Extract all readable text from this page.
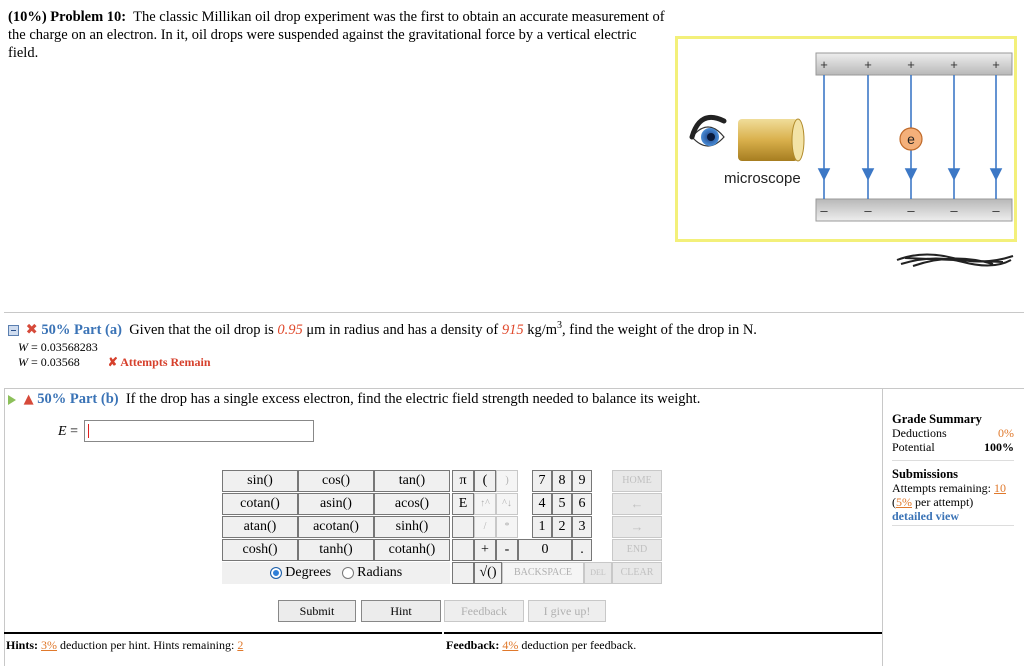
(10%) Problem 10: The classic Millikan oil drop experiment was the first to obtain an accurate measurement of the charge on an electron. In it, oil drops were suspended against the gravitational force by a vertical electric field.
+	+	+	+	+
–	–	–	–	–
e
microscope
✖ 50% Part (a) Given that the oil drop is 0.95 μm in radius and has a density of 915 $kg/m^3$, find the weight of the drop in N.
W = 0.03568283
W = 0.03568 ✘ Attempts Remain
▲ 50% Part (b) If the drop has a single excess electron, find the electric field strength needed to balance its weight.
E =
sin()	cos()	tan()
cotan()	asin()	acos()
atan()	acotan()	sinh()
cosh()	tanh()	cotanh()
Degrees Radians
π	(	)
E	↑^	^↓
/	*
+	-
√()
7 8 9
4 5 6
1 2 3
0	.
BACKSPACE	DEL
HOME
←
→
END
CLEAR
Submit	Hint	Feedback	I give up!
Grade Summary
Deductions	0%
Potential	100%
Submissions
Attempts remaining: 10
(5% per attempt)
detailed view
Hints: 3% deduction per hint. Hints remaining: 2	Feedback: 4% deduction per feedback.
